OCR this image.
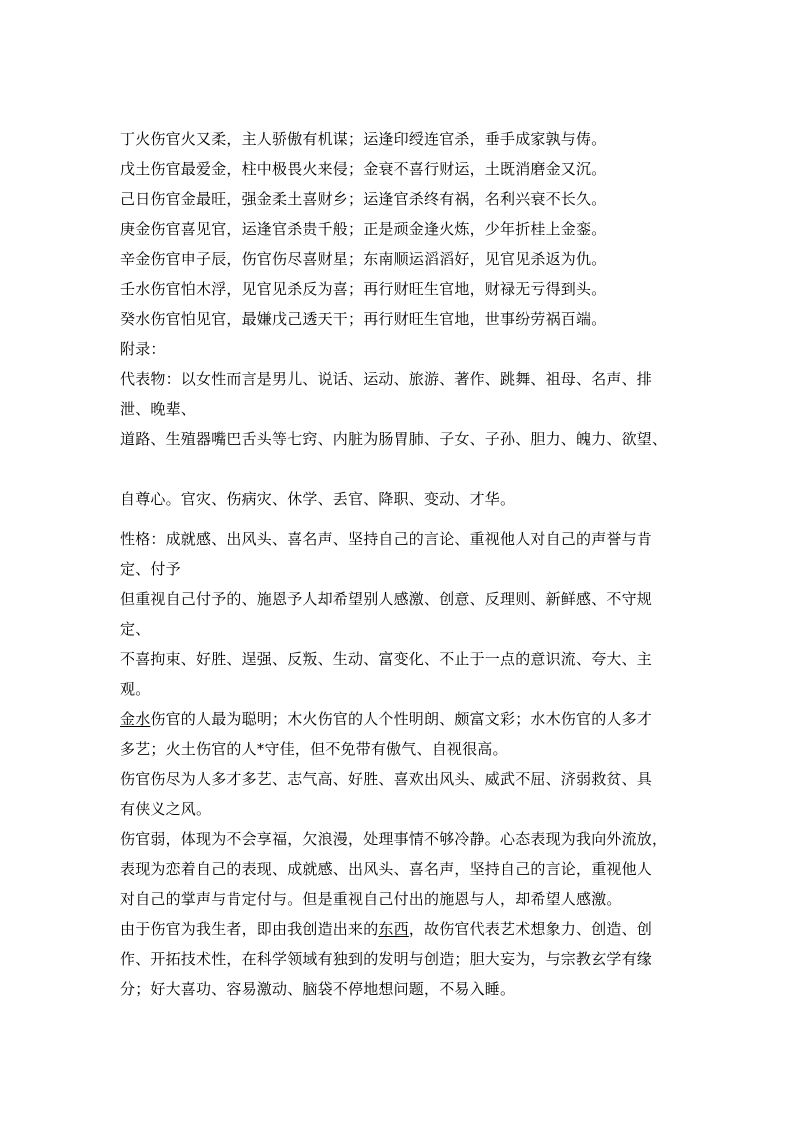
丁火伤官火又柔，主人骄傲有机谋；运逢印绶连官杀，垂手成家孰与俦。
戊土伤官最爱金，柱中极畏火来侵；金衰不喜行财运，土既消磨金又沉。
己日伤官金最旺，强金柔土喜财乡；运逢官杀终有祸，名利兴衰不长久。
庚金伤官喜见官，运逢官杀贵千般；正是顽金逢火炼，少年折桂上金銮。
辛金伤官申子辰，伤官伤尽喜财星；东南顺运滔滔好，见官见杀返为仇。
壬水伤官怕木浮，见官见杀反为喜；再行财旺生官地，财禄无亏得到头。
癸水伤官怕见官，最嫌戊己透天干；再行财旺生官地，世事纷劳祸百端。
附录：
代表物：以女性而言是男儿、说话、运动、旅游、著作、跳舞、祖母、名声、排
泄、晚辈、
道路、生殖器嘴巴舌头等七窍、内脏为肠胃肺、子女、子孙、胆力、魄力、欲望、
自尊心。官灾、伤病灾、休学、丢官、降职、变动、才华。
性格：成就感、出风头、喜名声、坚持自己的言论、重视他人对自己的声誉与肯
定、付予
但重视自己付予的、施恩予人却希望别人感激、创意、反理则、新鲜感、不守规
定、
不喜拘束、好胜、逞强、反叛、生动、富变化、不止于一点的意识流、夸大、主
观。
金水伤官的人最为聪明；木火伤官的人个性明朗、颇富文彩；水木伤官的人多才
多艺；火土伤官的人*守佳，但不免带有傲气、自视很高。
伤官伤尽为人多才多艺、志气高、好胜、喜欢出风头、威武不屈、济弱救贫、具
有侠义之风。
伤官弱，体现为不会享福，欠浪漫，处理事情不够冷静。心态表现为我向外流放，
表现为恋着自己的表现、成就感、出风头、喜名声，坚持自己的言论，重视他人
对自己的掌声与肯定付与。但是重视自己付出的施恩与人，却希望人感激。
由于伤官为我生者，即由我创造出来的东西，故伤官代表艺术想象力、创造、创
作、开拓技术性，在科学领域有独到的发明与创造；胆大妄为，与宗教玄学有缘
分；好大喜功、容易激动、脑袋不停地想问题，不易入睡。
